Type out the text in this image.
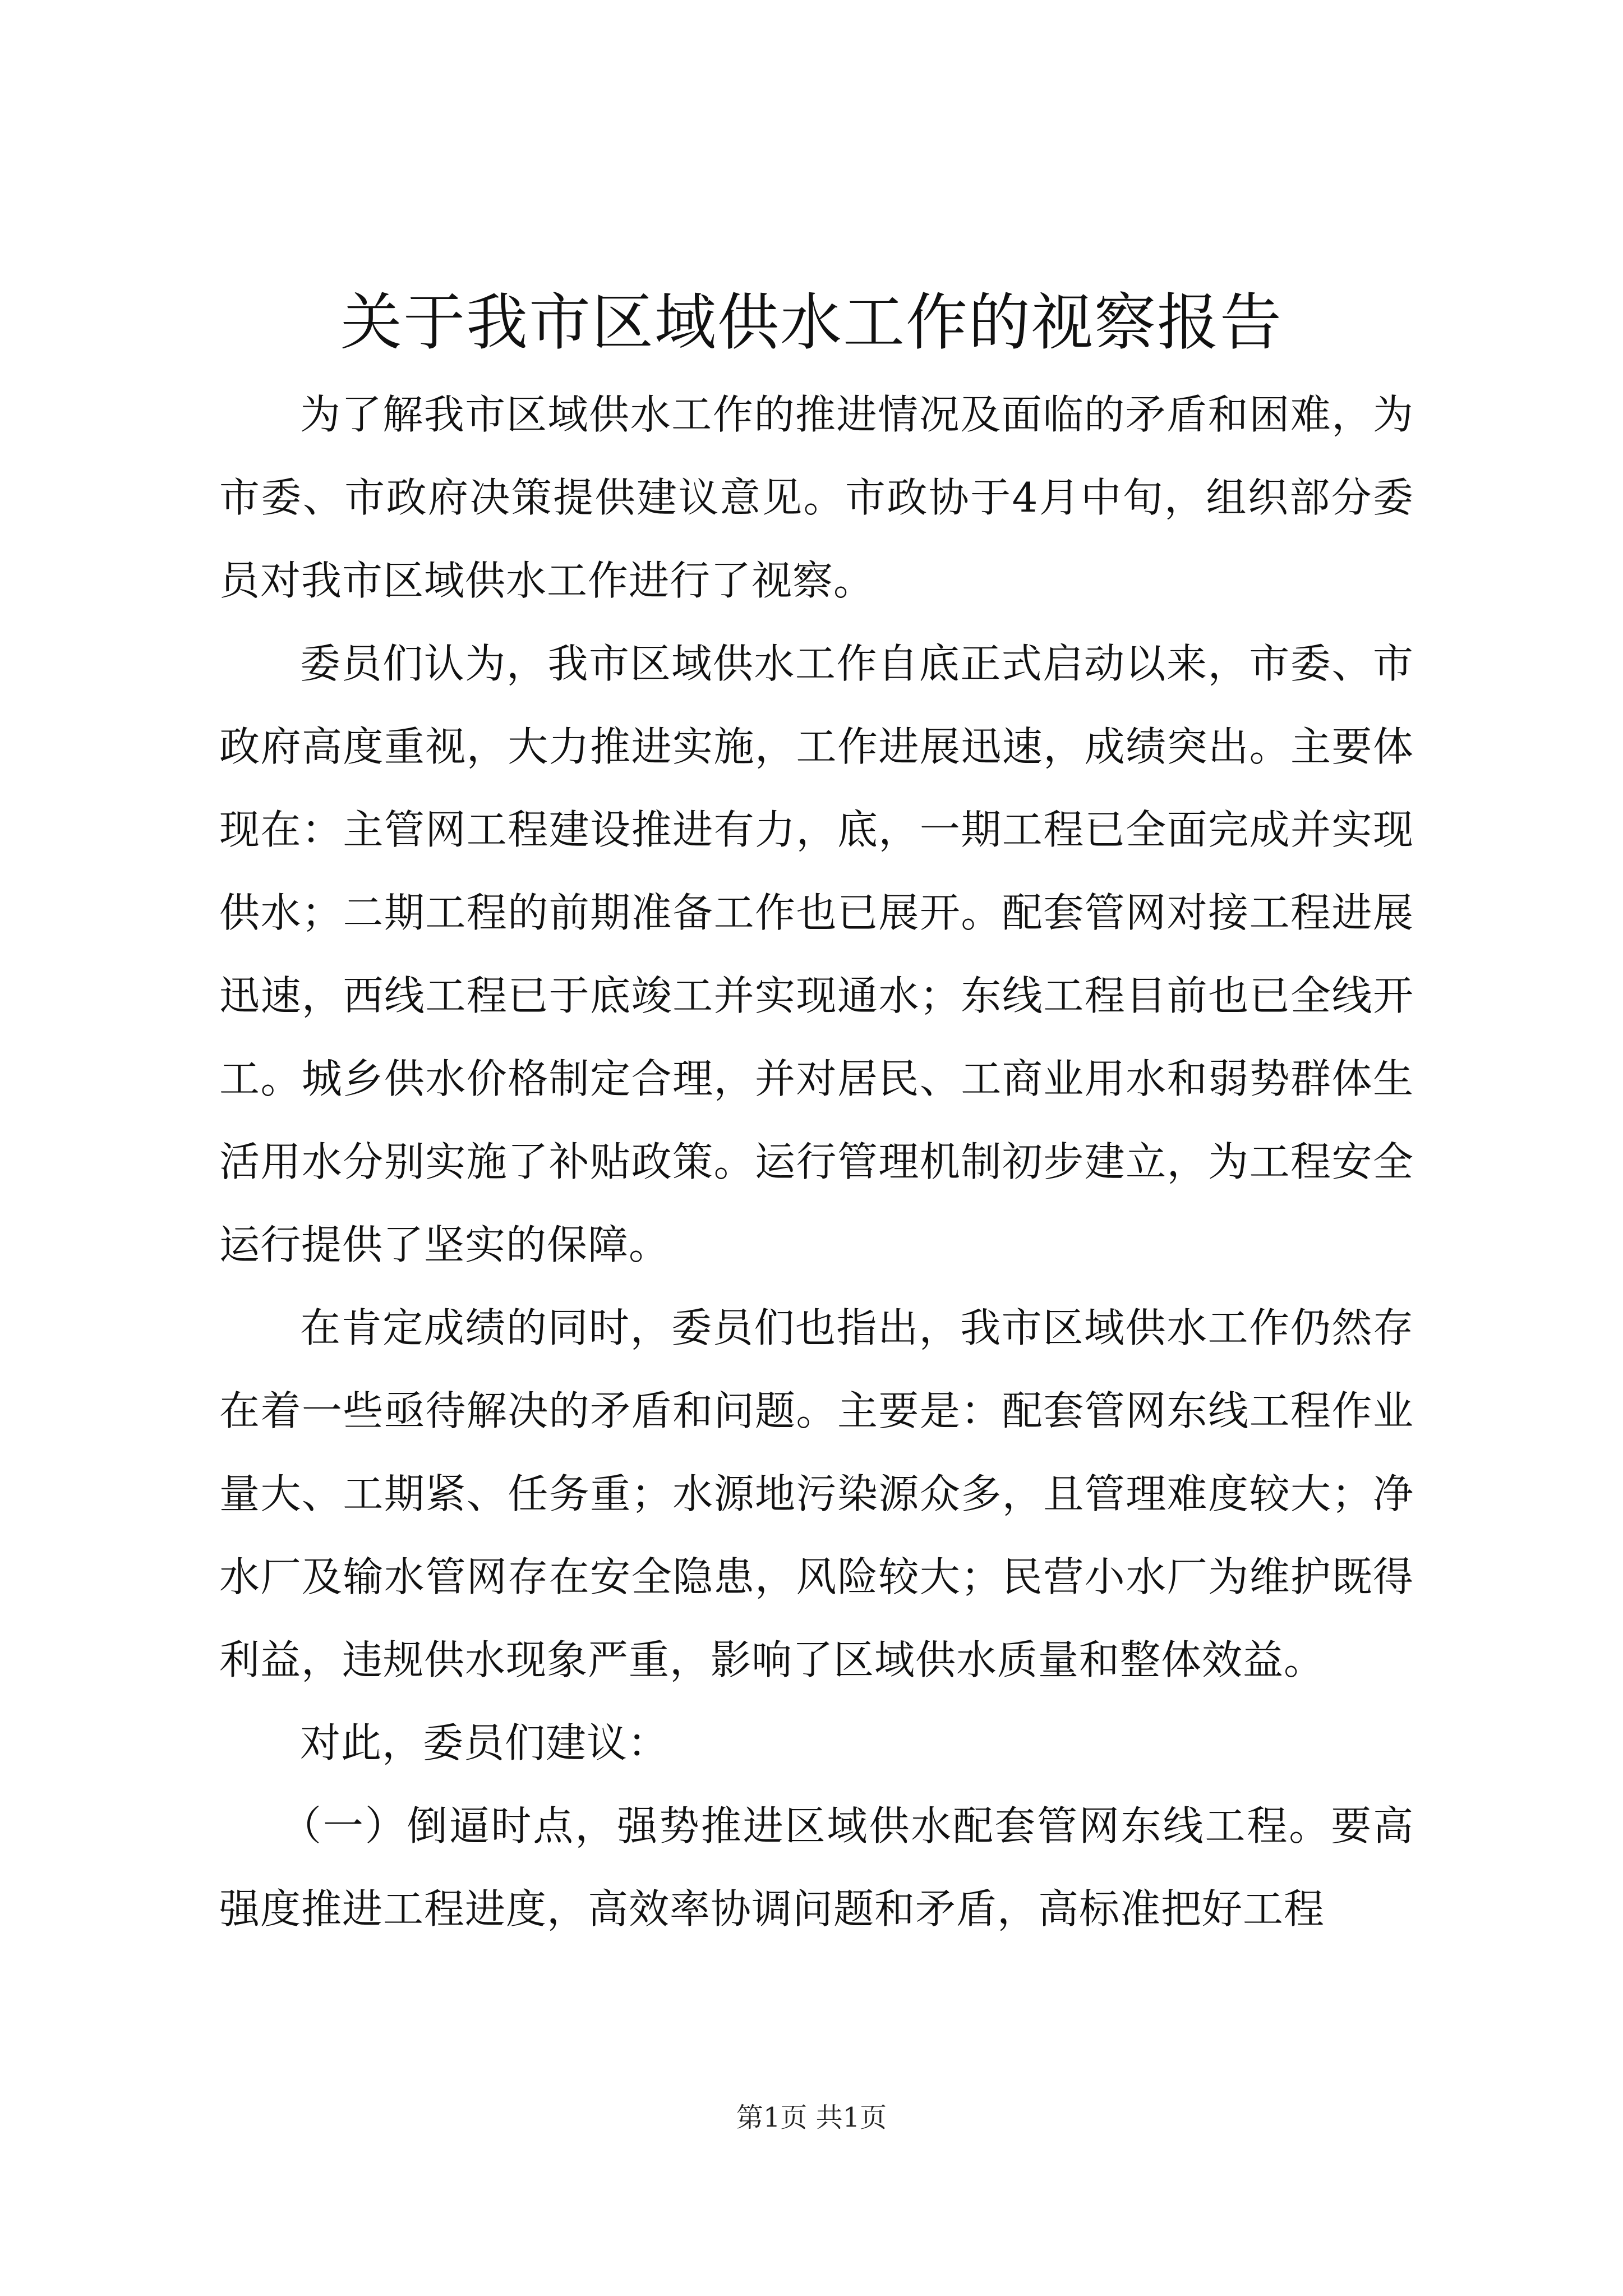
关于我市区域供水工作的视察报告

为了解我市区域供水工作的推进情况及面临的矛盾和困难，为市委、市政府决策提供建议意见。市政协于4月中旬，组织部分委员对我市区域供水工作进行了视察。

委员们认为，我市区域供水工作自底正式启动以来，市委、市政府高度重视，大力推进实施，工作进展迅速，成绩突出。主要体现在：主管网工程建设推进有力，底，一期工程已全面完成并实现供水；二期工程的前期准备工作也已展开。配套管网对接工程进展迅速，西线工程已于底竣工并实现通水；东线工程目前也已全线开工。城乡供水价格制定合理，并对居民、工商业用水和弱势群体生活用水分别实施了补贴政策。运行管理机制初步建立，为工程安全运行提供了坚实的保障。

在肯定成绩的同时，委员们也指出，我市区域供水工作仍然存在着一些亟待解决的矛盾和问题。主要是：配套管网东线工程作业量大、工期紧、任务重；水源地污染源众多，且管理难度较大；净水厂及输水管网存在安全隐患，风险较大；民营小水厂为维护既得利益，违规供水现象严重，影响了区域供水质量和整体效益。

对此，委员们建议：

（一）倒逼时点，强势推进区域供水配套管网东线工程。要高强度推进工程进度，高效率协调问题和矛盾，高标准把好工程

第1页 共1页
